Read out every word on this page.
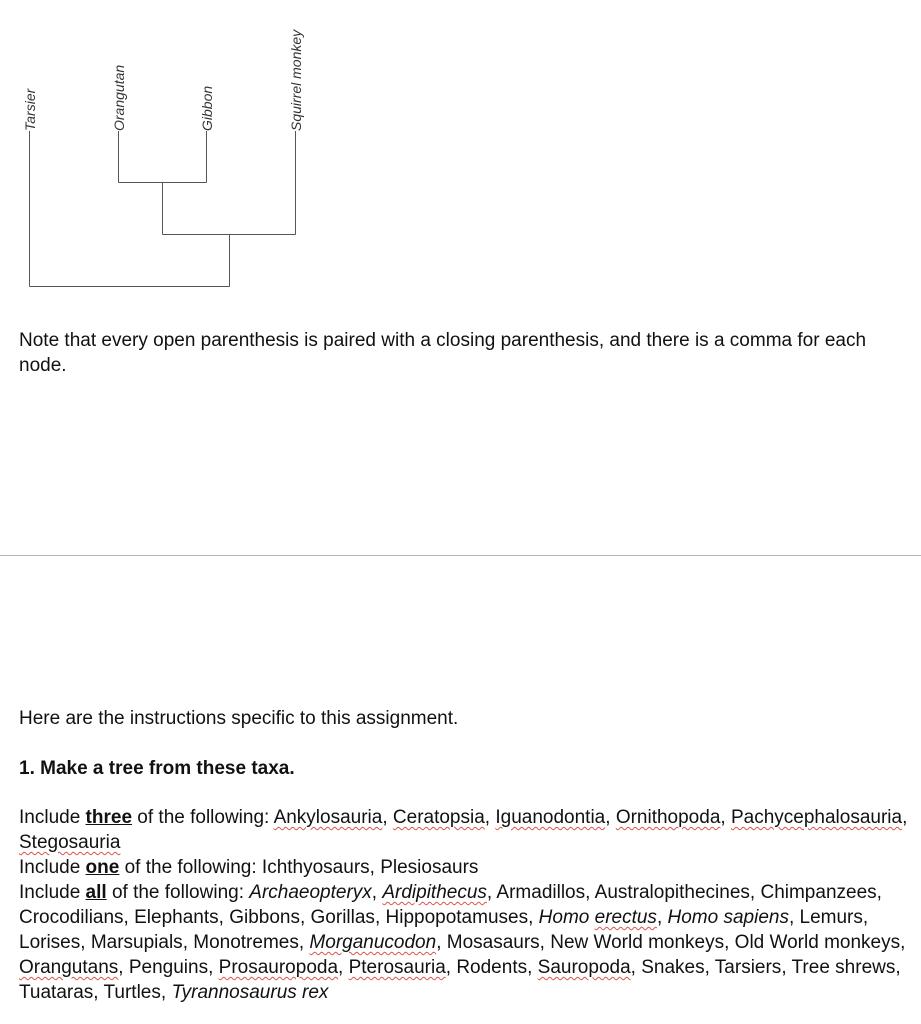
Tarsier	Orangutan	Gibbon	Squirrel monkey

Note that every open parenthesis is paired with a closing parenthesis, and there is a comma for each node.

Here are the instructions specific to this assignment.

1. Make a tree from these taxa.

Include three of the following: Ankylosauria, Ceratopsia, Iguanodontia, Ornithopoda, Pachycephalosauria, Stegosauria
Include one of the following: Ichthyosaurs, Plesiosaurs
Include all of the following: Archaeopteryx, Ardipithecus, Armadillos, Australopithecines, Chimpanzees, Crocodilians, Elephants, Gibbons, Gorillas, Hippopotamuses, Homo erectus, Homo sapiens, Lemurs, Lorises, Marsupials, Monotremes, Morganucodon, Mosasaurs, New World monkeys, Old World monkeys, Orangutans, Penguins, Prosauropoda, Pterosauria, Rodents, Sauropoda, Snakes, Tarsiers, Tree shrews, Tuataras, Turtles, Tyrannosaurus rex
